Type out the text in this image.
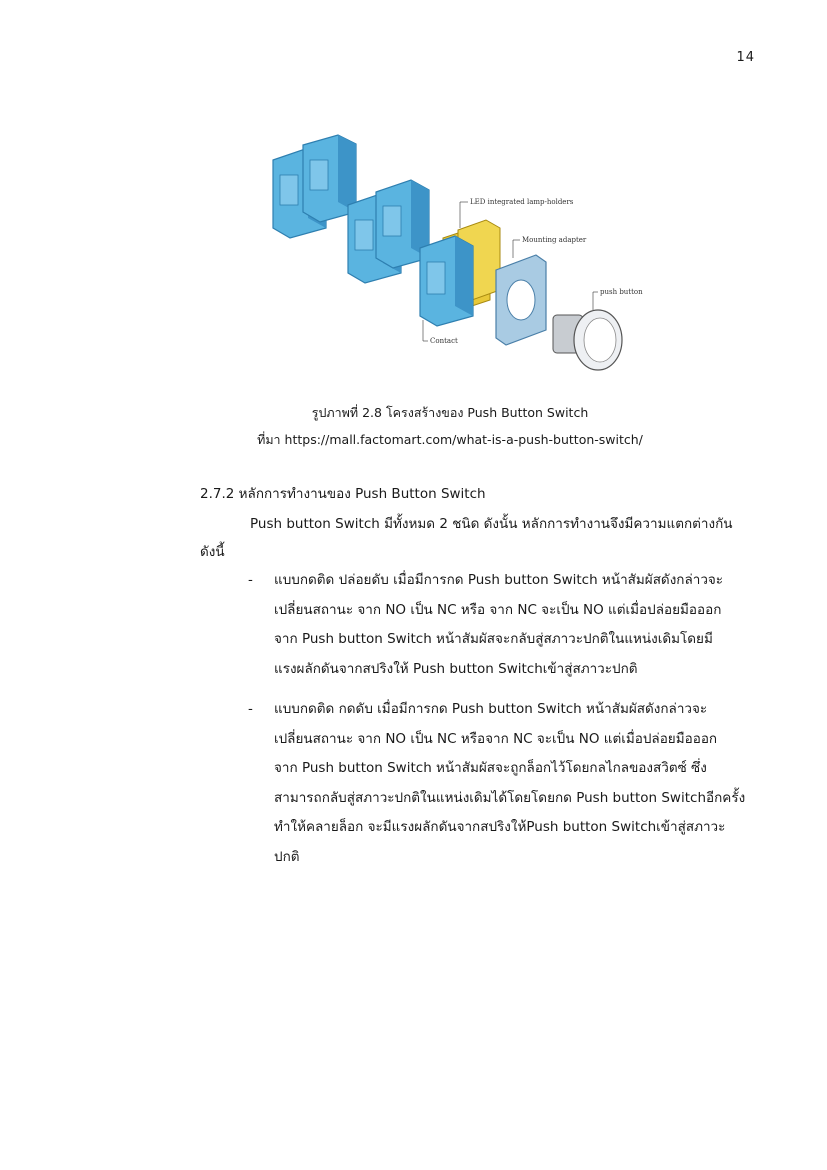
14
LED integrated lamp-holders
Mounting adapter
push button
Contact
รูปภาพที่ 2.8 โครงสร้างของ Push Button Switch
ที่มา https://mall.factomart.com/what-is-a-push-button-switch/
2.7.2 หลักการทำงานของ Push Button Switch
Push button Switch มีทั้งหมด 2 ชนิด ดังนั้น หลักการทำงานจึงมีความแตกต่างกัน
ดังนี้
- แบบกดติด ปล่อยดับ เมื่อมีการกด Push button Switch หน้าสัมผัสดังกล่าวจะ
เปลี่ยนสถานะ จาก NO เป็น NC หรือ จาก NC จะเป็น NO แต่เมื่อปล่อยมือออก
จาก Push button Switch หน้าสัมผัสจะกลับสู่สภาวะปกติในแหน่งเดิมโดยมี
แรงผลักดันจากสปริงให้ Push button Switchเข้าสู่สภาวะปกติ
- แบบกดติด กดดับ เมื่อมีการกด Push button Switch หน้าสัมผัสดังกล่าวจะ
เปลี่ยนสถานะ จาก NO เป็น NC หรือจาก NC จะเป็น NO แต่เมื่อปล่อยมือออก
จาก Push button Switch หน้าสัมผัสจะถูกล็อกไว้โดยกลไกลของสวิตซ์ ซึ่ง
สามารถกลับสู่สภาวะปกติในแหน่งเดิมได้โดยโดยกด Push button Switchอีกครั้ง
ทำให้คลายล็อก จะมีแรงผลักดันจากสปริงให้Push button Switchเข้าสู่สภาวะ
ปกติ
